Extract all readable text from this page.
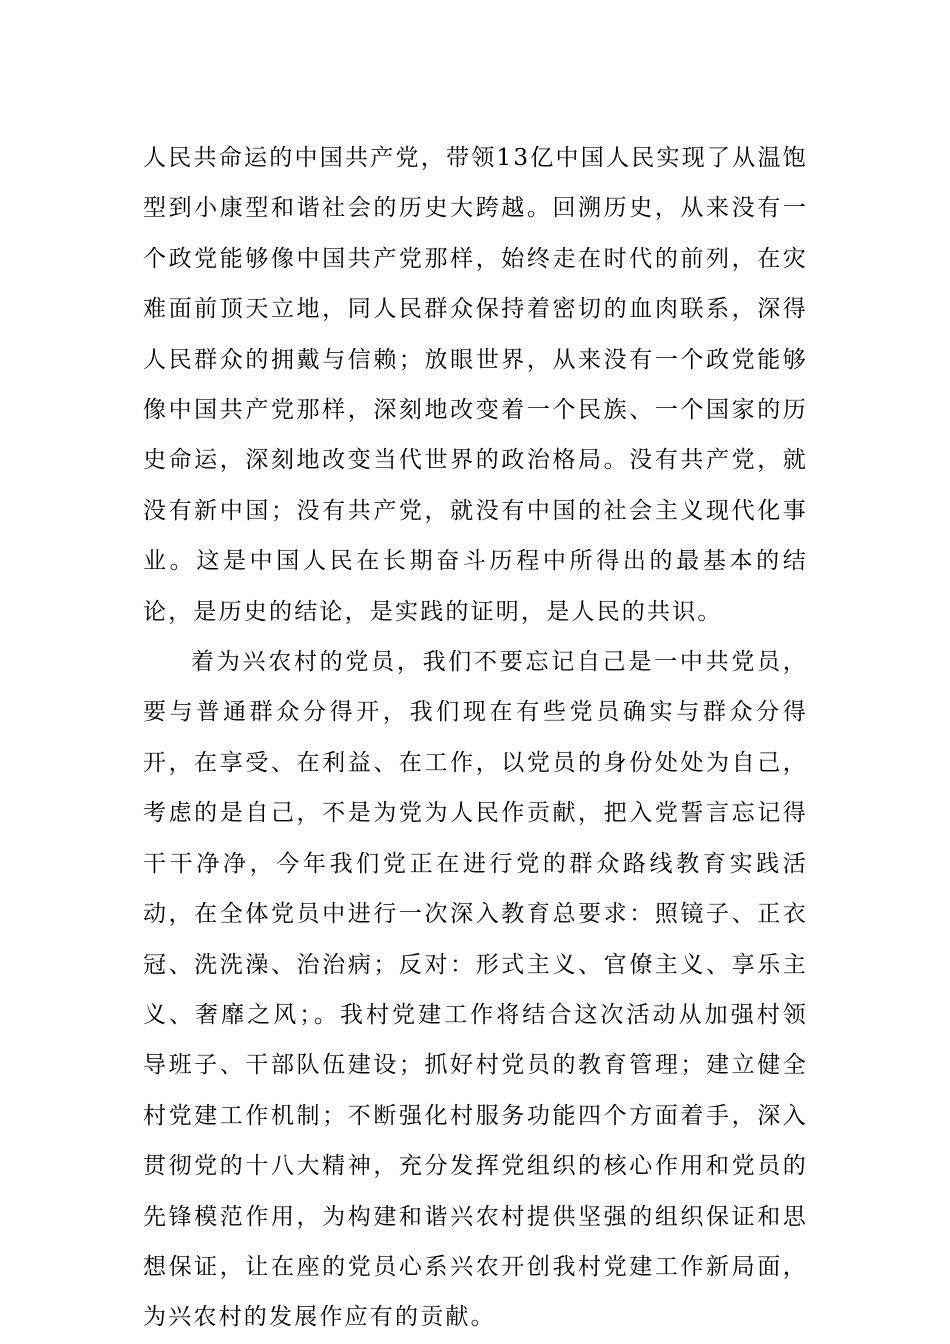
人民共命运的中国共产党，带领13亿中国人民实现了从温饱型到小康型和谐社会的历史大跨越。回溯历史，从来没有一个政党能够像中国共产党那样，始终走在时代的前列，在灾难面前顶天立地，同人民群众保持着密切的血肉联系，深得人民群众的拥戴与信赖；放眼世界，从来没有一个政党能够像中国共产党那样，深刻地改变着一个民族、一个国家的历史命运，深刻地改变当代世界的政治格局。没有共产党，就没有新中国；没有共产党，就没有中国的社会主义现代化事业。这是中国人民在长期奋斗历程中所得出的最基本的结论，是历史的结论，是实践的证明，是人民的共识。

着为兴农村的党员，我们不要忘记自己是一中共党员，要与普通群众分得开，我们现在有些党员确实与群众分得开，在享受、在利益、在工作，以党员的身份处处为自己，考虑的是自己，不是为党为人民作贡献，把入党誓言忘记得干干净净，今年我们党正在进行党的群众路线教育实践活动，在全体党员中进行一次深入教育总要求：照镜子、正衣冠、洗洗澡、治治病；反对：形式主义、官僚主义、享乐主义、奢靡之风；。我村党建工作将结合这次活动从加强村领导班子、干部队伍建设；抓好村党员的教育管理；建立健全村党建工作机制；不断强化村服务功能四个方面着手，深入贯彻党的十八大精神，充分发挥党组织的核心作用和党员的先锋模范作用，为构建和谐兴农村提供坚强的组织保证和思想保证，让在座的党员心系兴农开创我村党建工作新局面，为兴农村的发展作应有的贡献。
